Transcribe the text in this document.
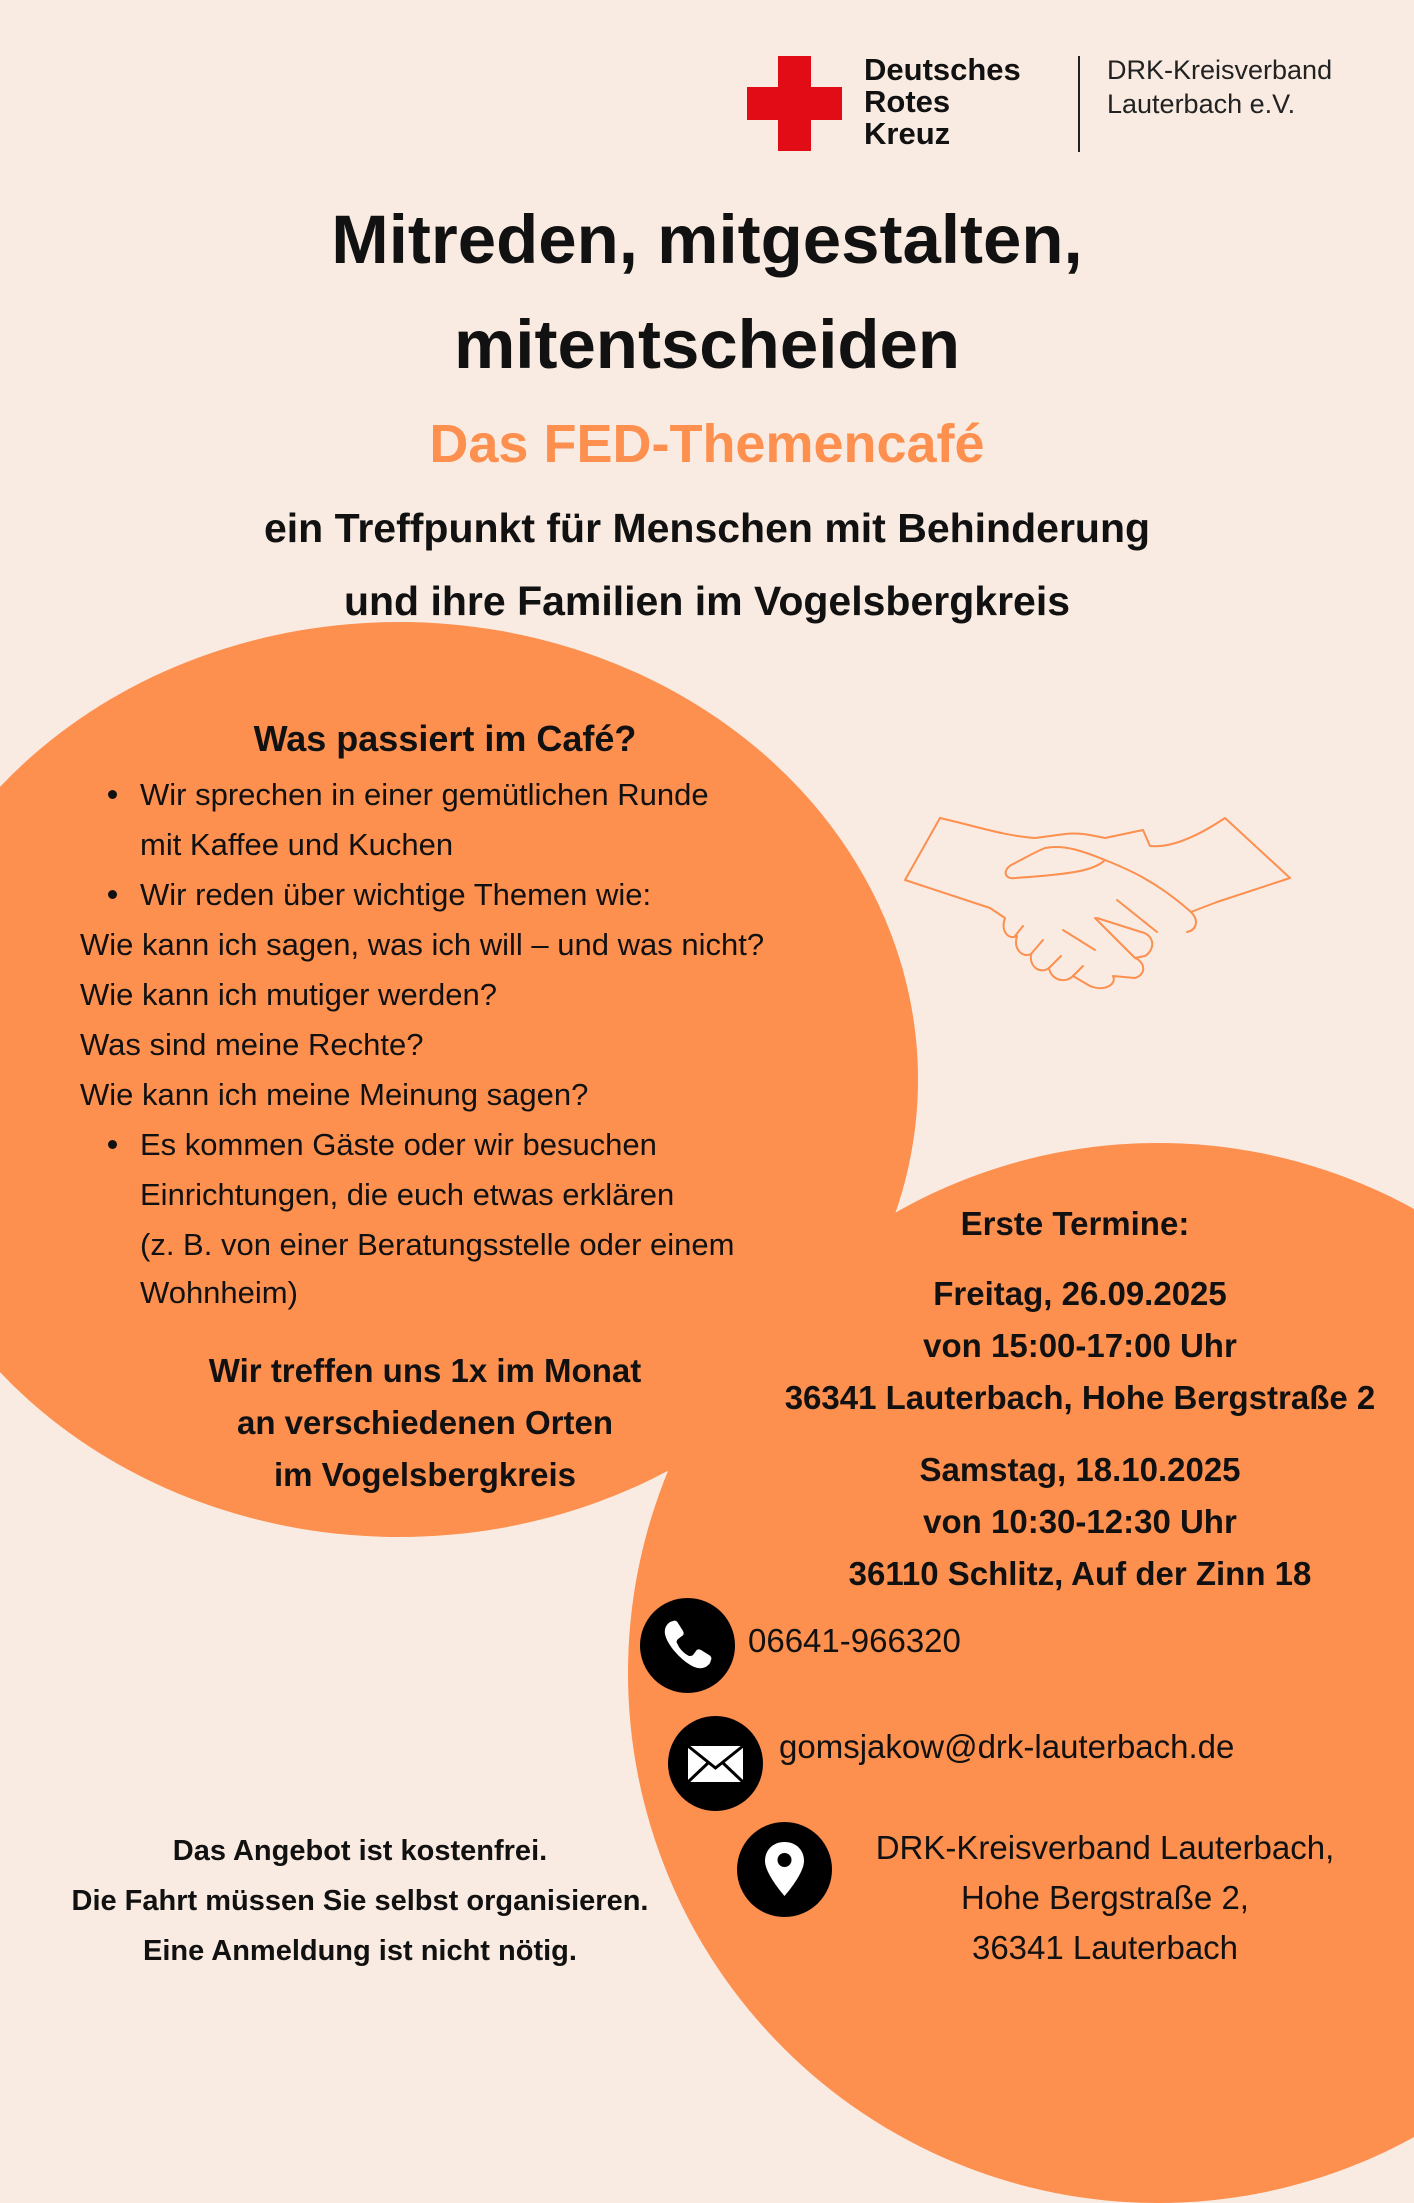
Deutsches
Rotes
Kreuz
DRK-Kreisverband
Lauterbach e.V.
Mitreden, mitgestalten,
mitentscheiden
Das FED-Themencafé
ein Treffpunkt für Menschen mit Behinderung
und ihre Familien im Vogelsbergkreis
Was passiert im Café?
Wir sprechen in einer gemütlichen Runde
mit Kaffee und Kuchen
Wir reden über wichtige Themen wie:
Wie kann ich sagen, was ich will – und was nicht?
Wie kann ich mutiger werden?
Was sind meine Rechte?
Wie kann ich meine Meinung sagen?
Es kommen Gäste oder wir besuchen
Einrichtungen, die euch etwas erklären
(z. B. von einer Beratungsstelle oder einem
Wohnheim)
Wir treffen uns 1x im Monat
an verschiedenen Orten
im Vogelsbergkreis
Erste Termine:
Freitag, 26.09.2025
von 15:00-17:00 Uhr
36341 Lauterbach, Hohe Bergstraße 2
Samstag, 18.10.2025
von 10:30-12:30 Uhr
36110 Schlitz, Auf der Zinn 18
06641-966320
gomsjakow@drk-lauterbach.de
DRK-Kreisverband Lauterbach,
Hohe Bergstraße 2,
36341 Lauterbach
Das Angebot ist kostenfrei.
Die Fahrt müssen Sie selbst organisieren.
Eine Anmeldung ist nicht nötig.
